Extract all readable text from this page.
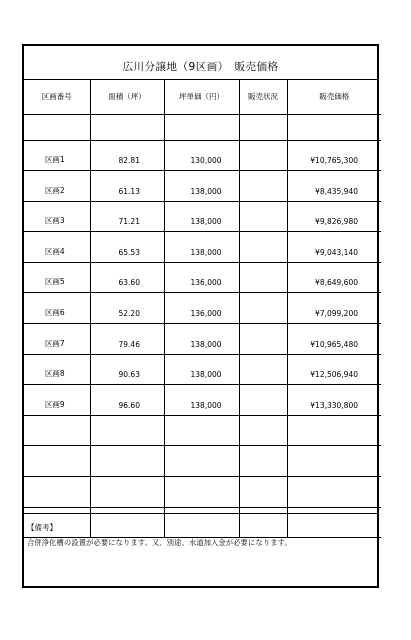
広川分譲地（9区画）　販売価格
区画番号	面積（坪）	坪単価（円）	販売状況	販売価格

区画1	82.81	130,000		¥10,765,300
区画2	61.13	138,000		¥8,435,940
区画3	71.21	138,000		¥9,826,980
区画4	65.53	138,000		¥9,043,140
区画5	63.60	136,000		¥8,649,600
区画6	52.20	136,000		¥7,099,200
区画7	79.46	138,000		¥10,965,480
区画8	90.63	138,000		¥12,506,940
区画9	96.60	138,000		¥13,330,800

【備考】
合併浄化槽の設置が必要になります。又、別途、水道加入金が必要になります。
